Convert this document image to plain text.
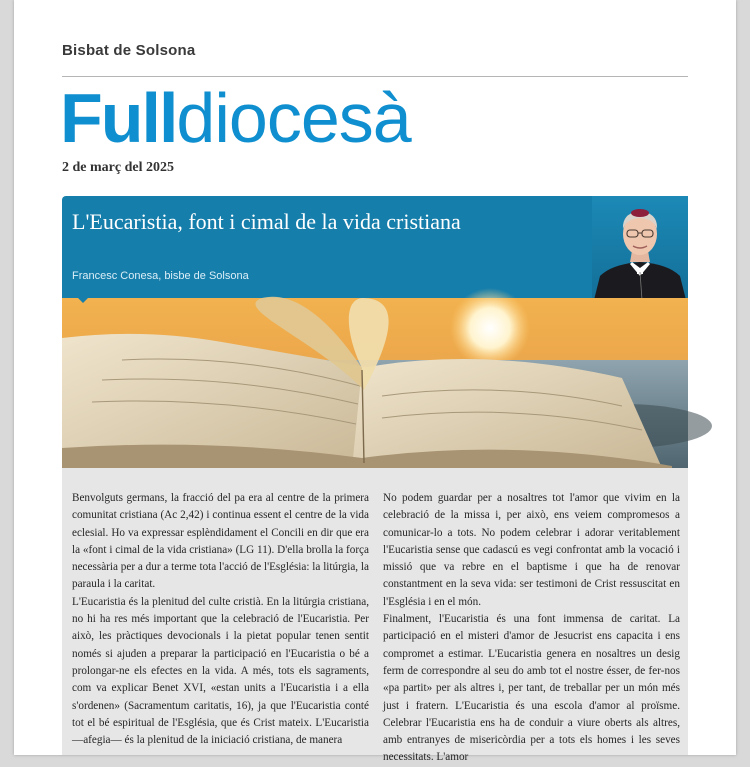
Bisbat de Solsona
Fulldiocesà
2 de març del 2025
L'Eucaristia, font i cimal de la vida cristiana
Francesc Conesa, bisbe de Solsona

Benvolguts germans, la fracció del pa era al centre de la primera comunitat cristiana (Ac 2,42) i continua essent el centre de la vida eclesial. Ho va expressar esplèndidament el Concili en dir que era la «font i cimal de la vida cristiana» (LG 11). D'ella brolla la força necessària per a dur a terme tota l'acció de l'Església: la litúrgia, la paraula i la caritat.

L'Eucaristia és la plenitud del culte cristià. En la litúrgia cristiana, no hi ha res més important que la celebració de l'Eucaristia. Per això, les pràctiques devocionals i la pietat popular tenen sentit només si ajuden a preparar la participació en l'Eucaristia o bé a prolongar-ne els efectes en la vida. A més, tots els sagraments, com va explicar Benet XVI, «estan units a l'Eucaristia i a ella s'ordenen» (Sacramentum caritatis, 16), ja que l'Eucaristia conté tot el bé espiritual de l'Església, que és Crist mateix. L'Eucaristia —afegia— és la plenitud de la iniciació cristiana, de manera

No podem guardar per a nosaltres tot l'amor que vivim en la celebració de la missa i, per això, ens veiem compromesos a comunicar-lo a tots. No podem celebrar i adorar veritablement l'Eucaristia sense que cadascú es vegi confrontat amb la vocació i missió que va rebre en el baptisme i que ha de renovar constantment en la seva vida: ser testimoni de Crist ressuscitat en l'Església i en el món.

Finalment, l'Eucaristia és una font immensa de caritat. La participació en el misteri d'amor de Jesucrist ens capacita i ens compromet a estimar. L'Eucaristia genera en nosaltres un desig ferm de correspondre al seu do amb tot el nostre ésser, de fer-nos «pa partit» per als altres i, per tant, de treballar per un món més just i fratern. L'Eucaristia és una escola d'amor al proïsme. Celebrar l'Eucaristia ens ha de conduir a viure oberts als altres, amb entranyes de misericòrdia per a tots els homes i les seves necessitats. L'amor
